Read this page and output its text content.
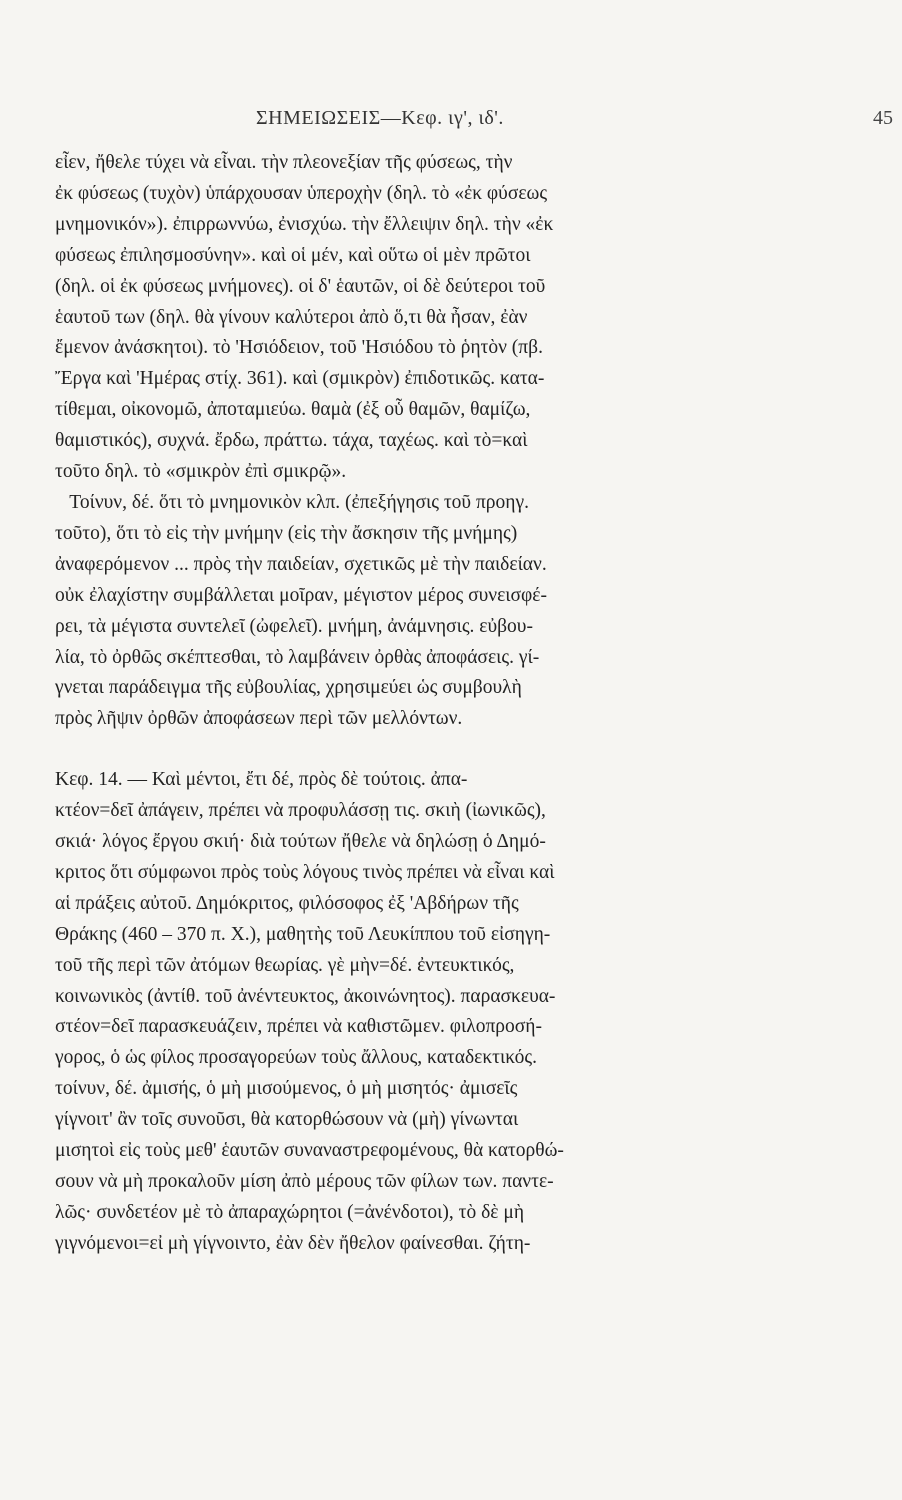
ΣΗΜΕΙΩΣΕΙΣ—Κεφ. ιγ', ιδ'.	45
εἶεν, ἤθελε τύχει νὰ εἶναι. τὴν πλεονεξίαν τῆς φύσεως, τὴν
ἐκ φύσεως (τυχὸν) ὑπάρχουσαν ὑπεροχὴν (δηλ. τὸ «ἐκ φύσεως
μνημονικόν»). ἐπιρρωννύω, ἐνισχύω. τὴν ἔλλειψιν δηλ. τὴν «ἐκ
φύσεως ἐπιλησμοσύνην». καὶ οἱ μέν, καὶ οὕτω οἱ μὲν πρῶτοι
(δηλ. οἱ ἐκ φύσεως μνήμονες). οἱ δ' ἑαυτῶν, οἱ δὲ δεύτεροι τοῦ
ἑαυτοῦ των (δηλ. θὰ γίνουν καλύτεροι ἀπὸ ὅ,τι θὰ ἦσαν, ἐὰν
ἔμενον ἀνάσκητοι). τὸ 'Ησιόδειον, τοῦ 'Ησιόδου τὸ ῥητὸν (πβ.
Ἔργα καὶ 'Ημέρας στίχ. 361). καὶ (σμικρὸν) ἐπιδοτικῶς. κατα-
τίθεμαι, οἰκονομῶ, ἀποταμιεύω. θαμὰ (ἐξ οὗ θαμῶν, θαμίζω,
θαμιστικός), συχνά. ἔρδω, πράττω. τάχα, ταχέως. καὶ τὸ=καὶ
τοῦτο δηλ. τὸ «σμικρὸν ἐπὶ σμικρῷ».
Τοίνυν, δέ. ὅτι τὸ μνημονικὸν κλπ. (ἐπεξήγησις τοῦ προηγ.
τοῦτο), ὅτι τὸ εἰς τὴν μνήμην (εἰς τὴν ἄσκησιν τῆς μνήμης)
ἀναφερόμενον ... πρὸς τὴν παιδείαν, σχετικῶς μὲ τὴν παιδείαν.
οὐκ ἐλαχίστην συμβάλλεται μοῖραν, μέγιστον μέρος συνεισφέ-
ρει, τὰ μέγιστα συντελεῖ (ὠφελεῖ). μνήμη, ἀνάμνησις. εὐβου-
λία, τὸ ὀρθῶς σκέπτεσθαι, τὸ λαμβάνειν ὀρθὰς ἀποφάσεις. γί-
γνεται παράδειγμα τῆς εὐβουλίας, χρησιμεύει ὡς συμβουλὴ
πρὸς λῆψιν ὀρθῶν ἀποφάσεων περὶ τῶν μελλόντων.
Κεφ. 14. — Καὶ μέντοι, ἔτι δέ, πρὸς δὲ τούτοις. ἀπα-
κτέον=δεῖ ἀπάγειν, πρέπει νὰ προφυλάσσῃ τις. σκιὴ (ἰωνικῶς),
σκιά· λόγος ἔργου σκιή· διὰ τούτων ἤθελε νὰ δηλώσῃ ὁ Δημό-
κριτος ὅτι σύμφωνοι πρὸς τοὺς λόγους τινὸς πρέπει νὰ εἶναι καὶ
αἱ πράξεις αὐτοῦ. Δημόκριτος, φιλόσοφος ἐξ 'Αβδήρων τῆς
Θράκης (460 – 370 π. Χ.), μαθητὴς τοῦ Λευκίππου τοῦ εἰσηγη-
τοῦ τῆς περὶ τῶν ἀτόμων θεωρίας. γὲ μὴν=δέ. ἐντευκτικός,
κοινωνικὸς (ἀντίθ. τοῦ ἀνέντευκτος, ἀκοινώνητος). παρασκευα-
στέον=δεῖ παρασκευάζειν, πρέπει νὰ καθιστῶμεν. φιλοπροσή-
γορος, ὁ ὡς φίλος προσαγορεύων τοὺς ἄλλους, καταδεκτικός.
τοίνυν, δέ. ἀμισής, ὁ μὴ μισούμενος, ὁ μὴ μισητός· ἀμισεῖς
γίγνοιτ' ἂν τοῖς συνοῦσι, θὰ κατορθώσουν νὰ (μὴ) γίνωνται
μισητοὶ εἰς τοὺς μεθ' ἑαυτῶν συναναστρεφομένους, θὰ κατορθώ-
σουν νὰ μὴ προκαλοῦν μίση ἀπὸ μέρους τῶν φίλων των. παντε-
λῶς· συνδετέον μὲ τὸ ἀπαραχώρητοι (=ἀνένδοτοι), τὸ δὲ μὴ
γιγνόμενοι=εἰ μὴ γίγνοιντο, ἐὰν δὲν ἤθελον φαίνεσθαι. ζήτη-
